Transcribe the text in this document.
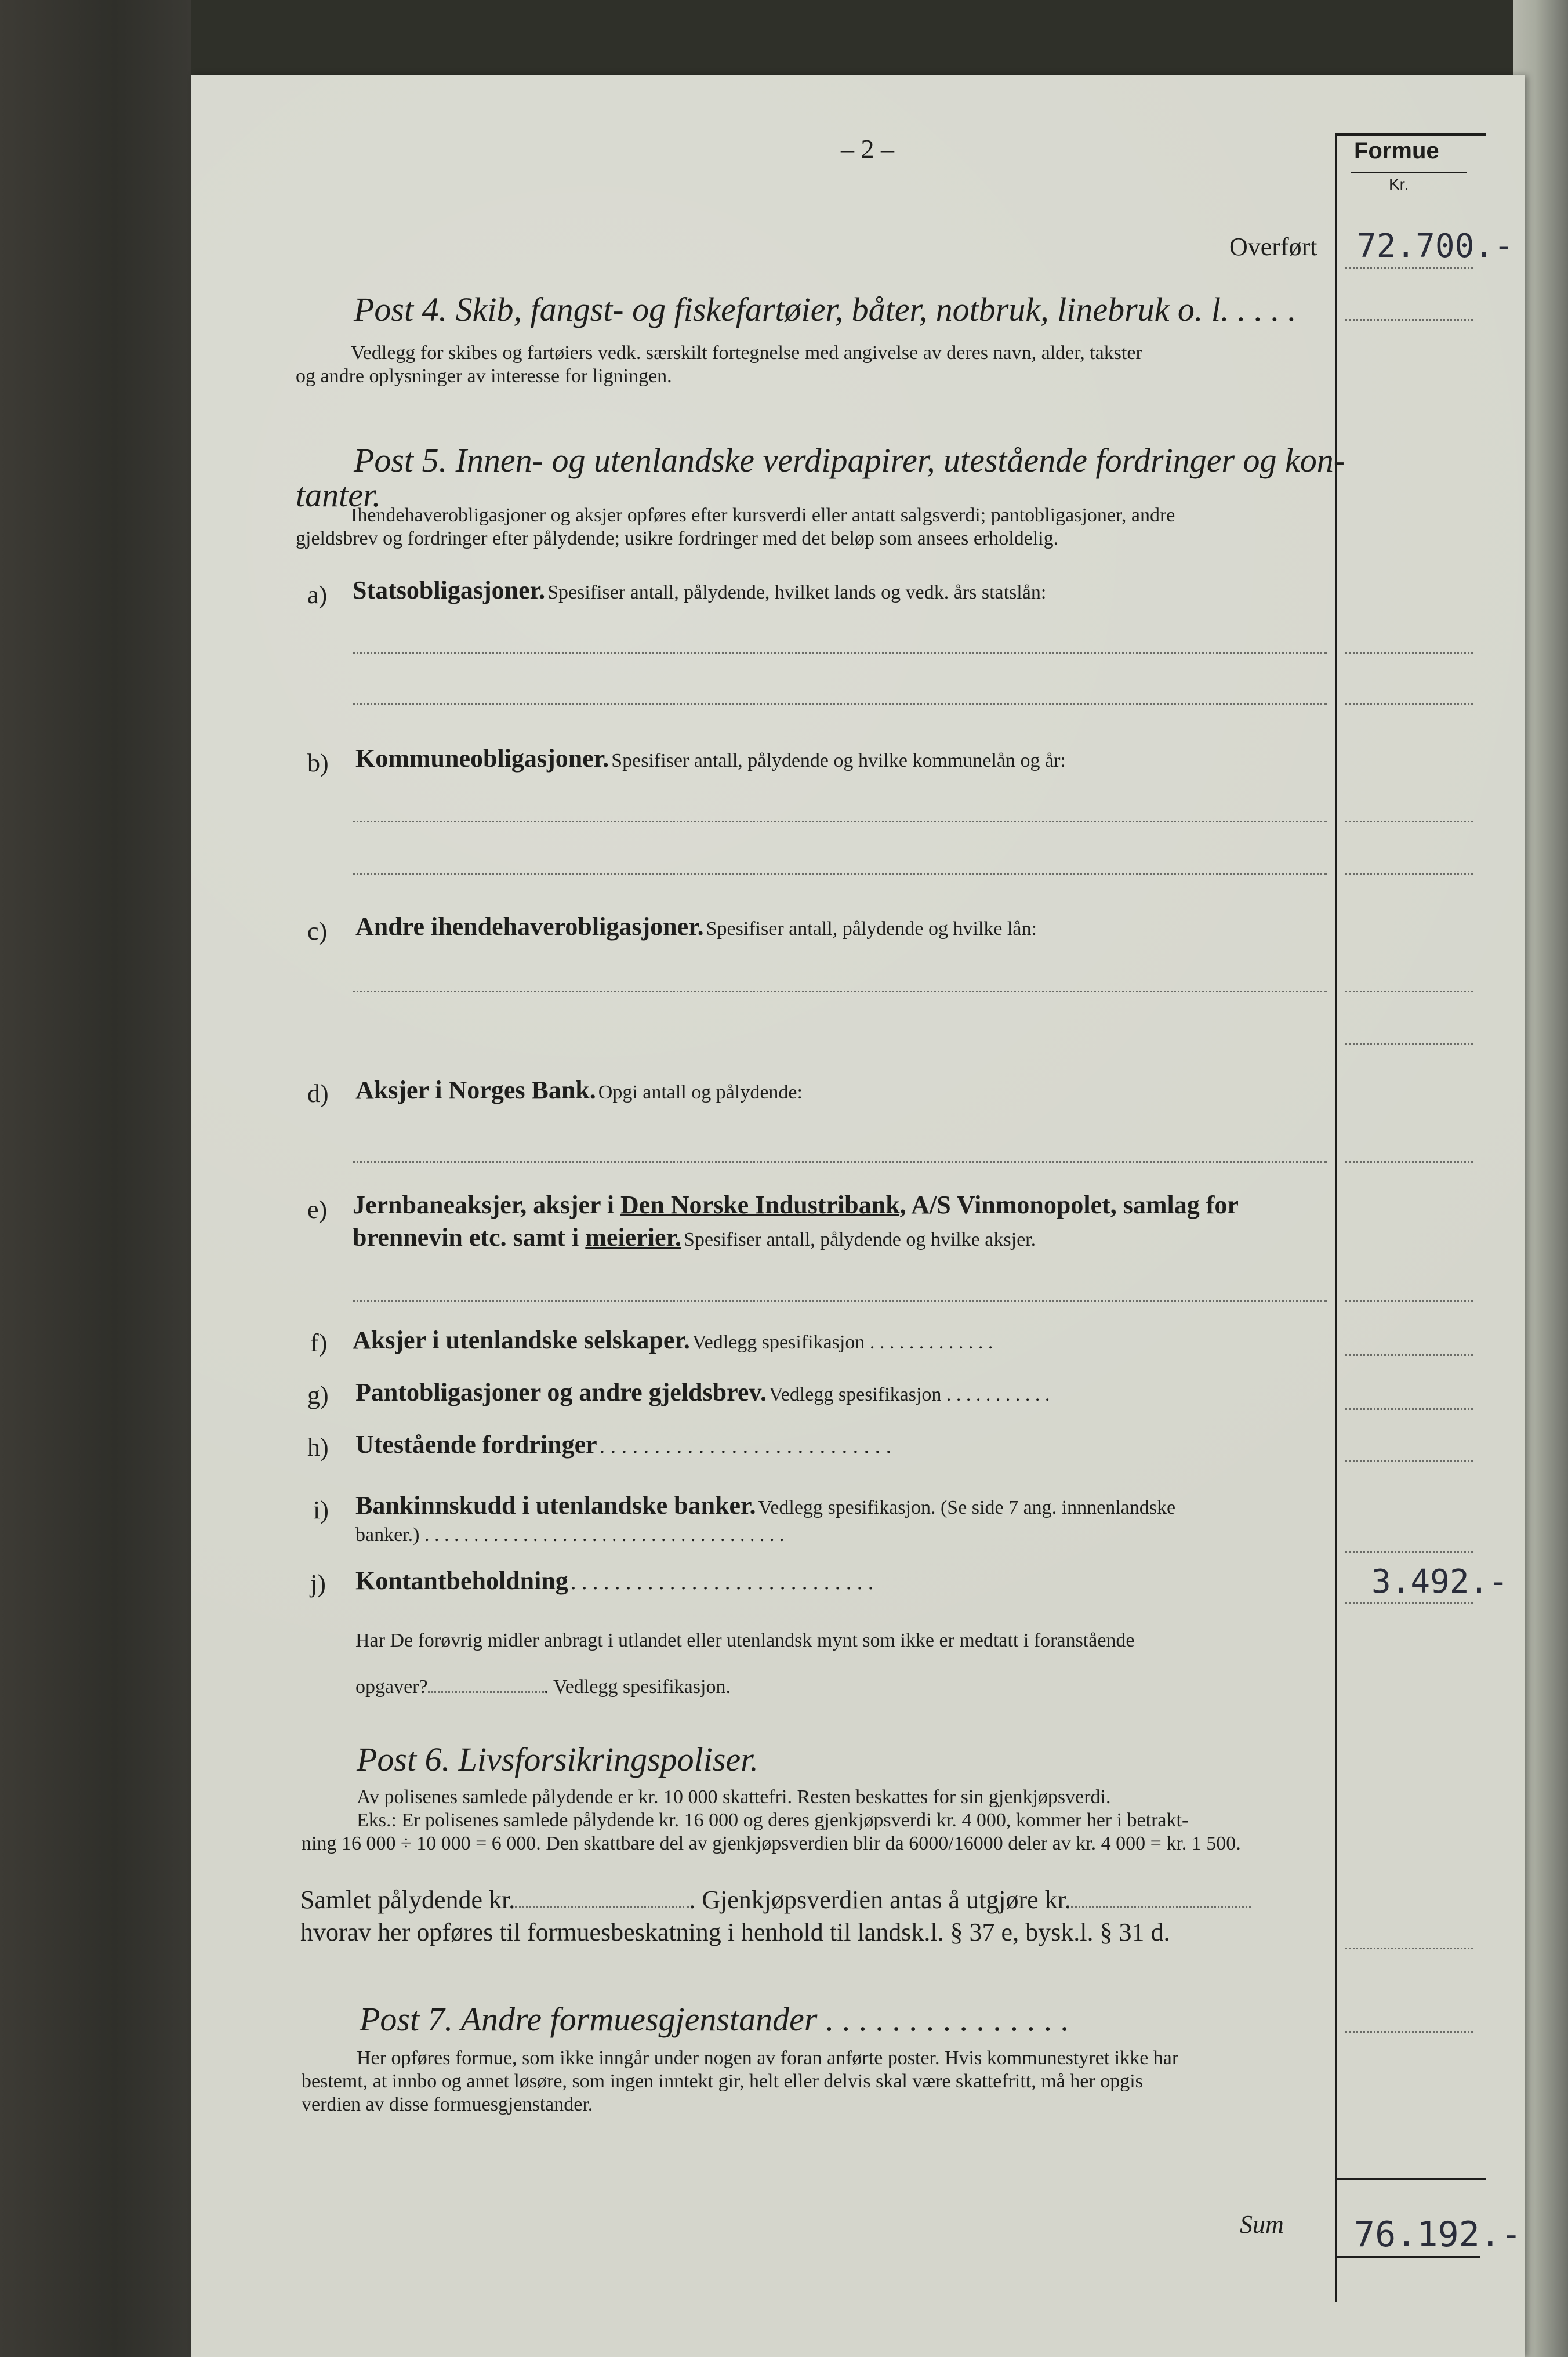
– 2 –	Formue
Kr.
Overført 72.700.-
Post 4. Skib, fangst- og fiskefartøier, båter, notbruk, linebruk o. l. . . . .
Vedlegg for skibes og fartøiers vedk. særskilt fortegnelse med angivelse av deres navn, alder, takster
og andre oplysninger av interesse for ligningen.
Post 5. Innen- og utenlandske verdipapirer, utestående fordringer og kon-
tanter.
Ihendehaverobligasjoner og aksjer opføres efter kursverdi eller antatt salgsverdi; pantobligasjoner, andre
gjeldsbrev og fordringer efter pålydende; usikre fordringer med det beløp som ansees erholdelig.
a) Statsobligasjoner. Spesifiser antall, pålydende, hvilket lands og vedk. års statslån:
b) Kommuneobligasjoner. Spesifiser antall, pålydende og hvilke kommunelån og år:
c) Andre ihendehaverobligasjoner. Spesifiser antall, pålydende og hvilke lån:
d) Aksjer i Norges Bank. Opgi antall og pålydende:
e) Jernbaneaksjer, aksjer i Den Norske Industribank, A/S Vinmonopolet, samlag for
brennevin etc. samt i meierier. Spesifiser antall, pålydende og hvilke aksjer.
f) Aksjer i utenlandske selskaper. Vedlegg spesifikasjon . . . . . . . . . . . . .
g) Pantobligasjoner og andre gjeldsbrev. Vedlegg spesifikasjon . . . . . . . . . . .
h) Utestående fordringer . . . . . . . . . . . . . . . . . . . . . . . . . . .
i) Bankinnskudd i utenlandske banker. Vedlegg spesifikasjon. (Se side 7 ang. innnenlandske
banker.) . . . . . . . . . . . . . . . . . . . . . . . . . . . . . . . . . . . . .
j) Kontantbeholdning . . . . . . . . . . . . . . . . . . . . . . . . . . . .	3.492.-
Har De forøvrig midler anbragt i utlandet eller utenlandsk mynt som ikke er medtatt i foranstående
opgaver?	. Vedlegg spesifikasjon.
Post 6. Livsforsikringspoliser.
Av polisenes samlede pålydende er kr. 10 000 skattefri. Resten beskattes for sin gjenkjøpsverdi.
Eks.: Er polisenes samlede pålydende kr. 16 000 og deres gjenkjøpsverdi kr. 4 000, kommer her i betrakt-
ning 16 000 ÷ 10 000 = 6 000. Den skattbare del av gjenkjøpsverdien blir da 6000/16000 deler av kr. 4 000 = kr. 1 500.
Samlet pålydende kr.	. Gjenkjøpsverdien antas å utgjøre kr.
hvorav her opføres til formuesbeskatning i henhold til landsk.l. § 37 e, bysk.l. § 31 d.
Post 7. Andre formuesgjenstander . . . . . . . . . . . . . . .
Her opføres formue, som ikke inngår under nogen av foran anførte poster. Hvis kommunestyret ikke har
bestemt, at innbo og annet løsøre, som ingen inntekt gir, helt eller delvis skal være skattefritt, må her opgis
verdien av disse formuesgjenstander.
Sum 76.192.-
